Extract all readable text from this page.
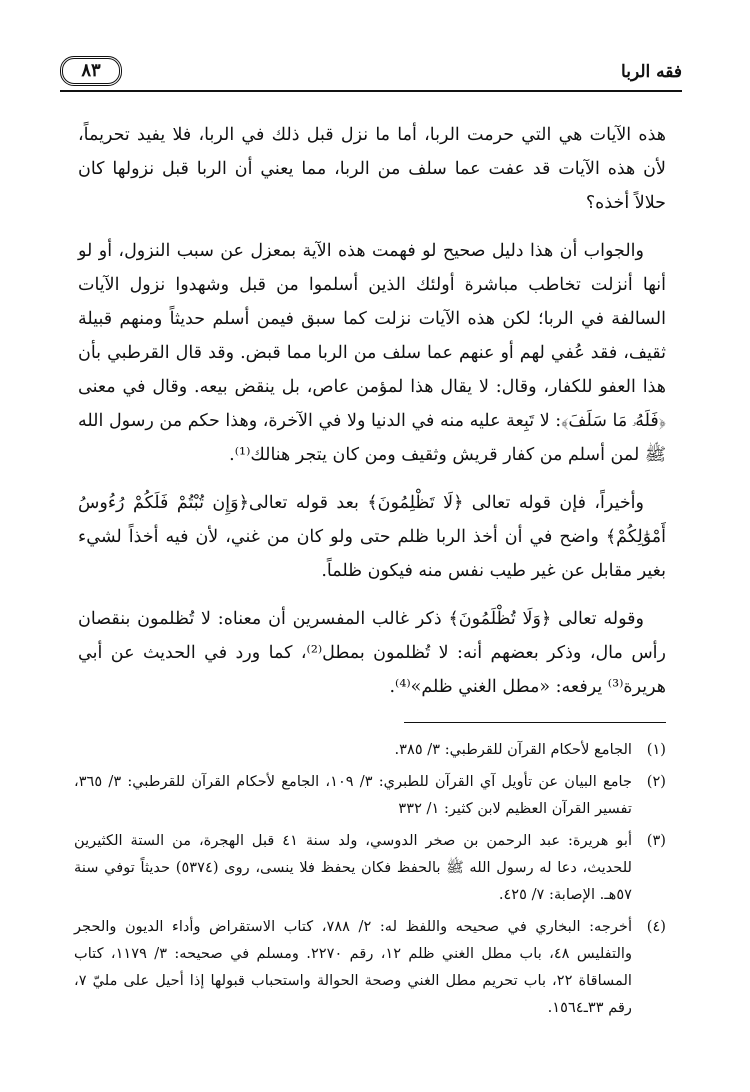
فقه الربا
٨٣

هذه الآيات هي التي حرمت الربا، أما ما نزل قبل ذلك في الربا، فلا يفيد تحريماً، لأن هذه الآيات قد عفت عما سلف من الربا، مما يعني أن الربا قبل نزولها كان حلالاً أخذه؟

والجواب أن هذا دليل صحيح لو فهمت هذه الآية بمعزل عن سبب النزول، أو لو أنها أنزلت تخاطب مباشرة أولئك الذين أسلموا من قبل وشهدوا نزول الآيات السالفة في الربا؛ لكن هذه الآيات نزلت كما سبق فيمن أسلم حديثاً ومنهم قبيلة ثقيف، فقد عُفي لهم أو عنهم عما سلف من الربا مما قبض. وقد قال القرطبي بأن هذا العفو للكفار، وقال: لا يقال هذا لمؤمن عاص، بل ينقض بيعه. وقال في معنى ﴿فَلَهُۥ مَا سَلَفَ﴾: لا تَبِعة عليه منه في الدنيا ولا في الآخرة، وهذا حكم من رسول الله ﷺ لمن أسلم من كفار قريش وثقيف ومن كان يتجر هنالك⁽¹⁾.

وأخيراً، فإن قوله تعالى ﴿لَا تَظْلِمُونَ﴾ بعد قوله تعالى﴿وَإِن تُبْتُمْ فَلَكُمْ رُءُوسُ أَمْوَٰلِكُمْ﴾ واضح في أن أخذ الربا ظلم حتى ولو كان من غني، لأن فيه أخذاً لشيء بغير مقابل عن غير طيب نفس منه فيكون ظلماً.

وقوله تعالى ﴿وَلَا تُظْلَمُونَ﴾ ذكر غالب المفسرين أن معناه: لا تُظلمون بنقصان رأس مال، وذكر بعضهم أنه: لا تُظلمون بمطل⁽²⁾، كما ورد في الحديث عن أبي هريرة⁽³⁾ يرفعه: «مطل الغني ظلم»⁽⁴⁾.

(١)
الجامع لأحكام القرآن للقرطبي: ٣/ ٣٨٥.
(٢)
جامع البيان عن تأويل آي القرآن للطبري: ٣/ ١٠٩، الجامع لأحكام القرآن للقرطبي: ٣/ ٣٦٥، تفسير القرآن العظيم لابن كثير: ١/ ٣٣٢
(٣)
أبو هريرة: عبد الرحمن بن صخر الدوسي، ولد سنة ٤١ قبل الهجرة، من الستة الكثيرين للحديث، دعا له رسول الله ﷺ بالحفظ فكان يحفظ فلا ينسى، روى (٥٣٧٤) حديثاً توفي سنة ٥٧هـ. الإصابة: ٧/ ٤٢٥.
(٤)
أخرجه: البخاري في صحيحه واللفظ له: ٢/ ٧٨٨، كتاب الاستقراض وأداء الديون والحجر والتفليس ٤٨، باب مطل الغني ظلم ١٢، رقم ٢٢٧٠. ومسلم في صحيحه: ٣/ ١١٧٩، كتاب المساقاة ٢٢، باب تحريم مطل الغني وصحة الحوالة واستحباب قبولها إذا أحيل على مليّ ٧، رقم ٣٣ـ١٥٦٤.
